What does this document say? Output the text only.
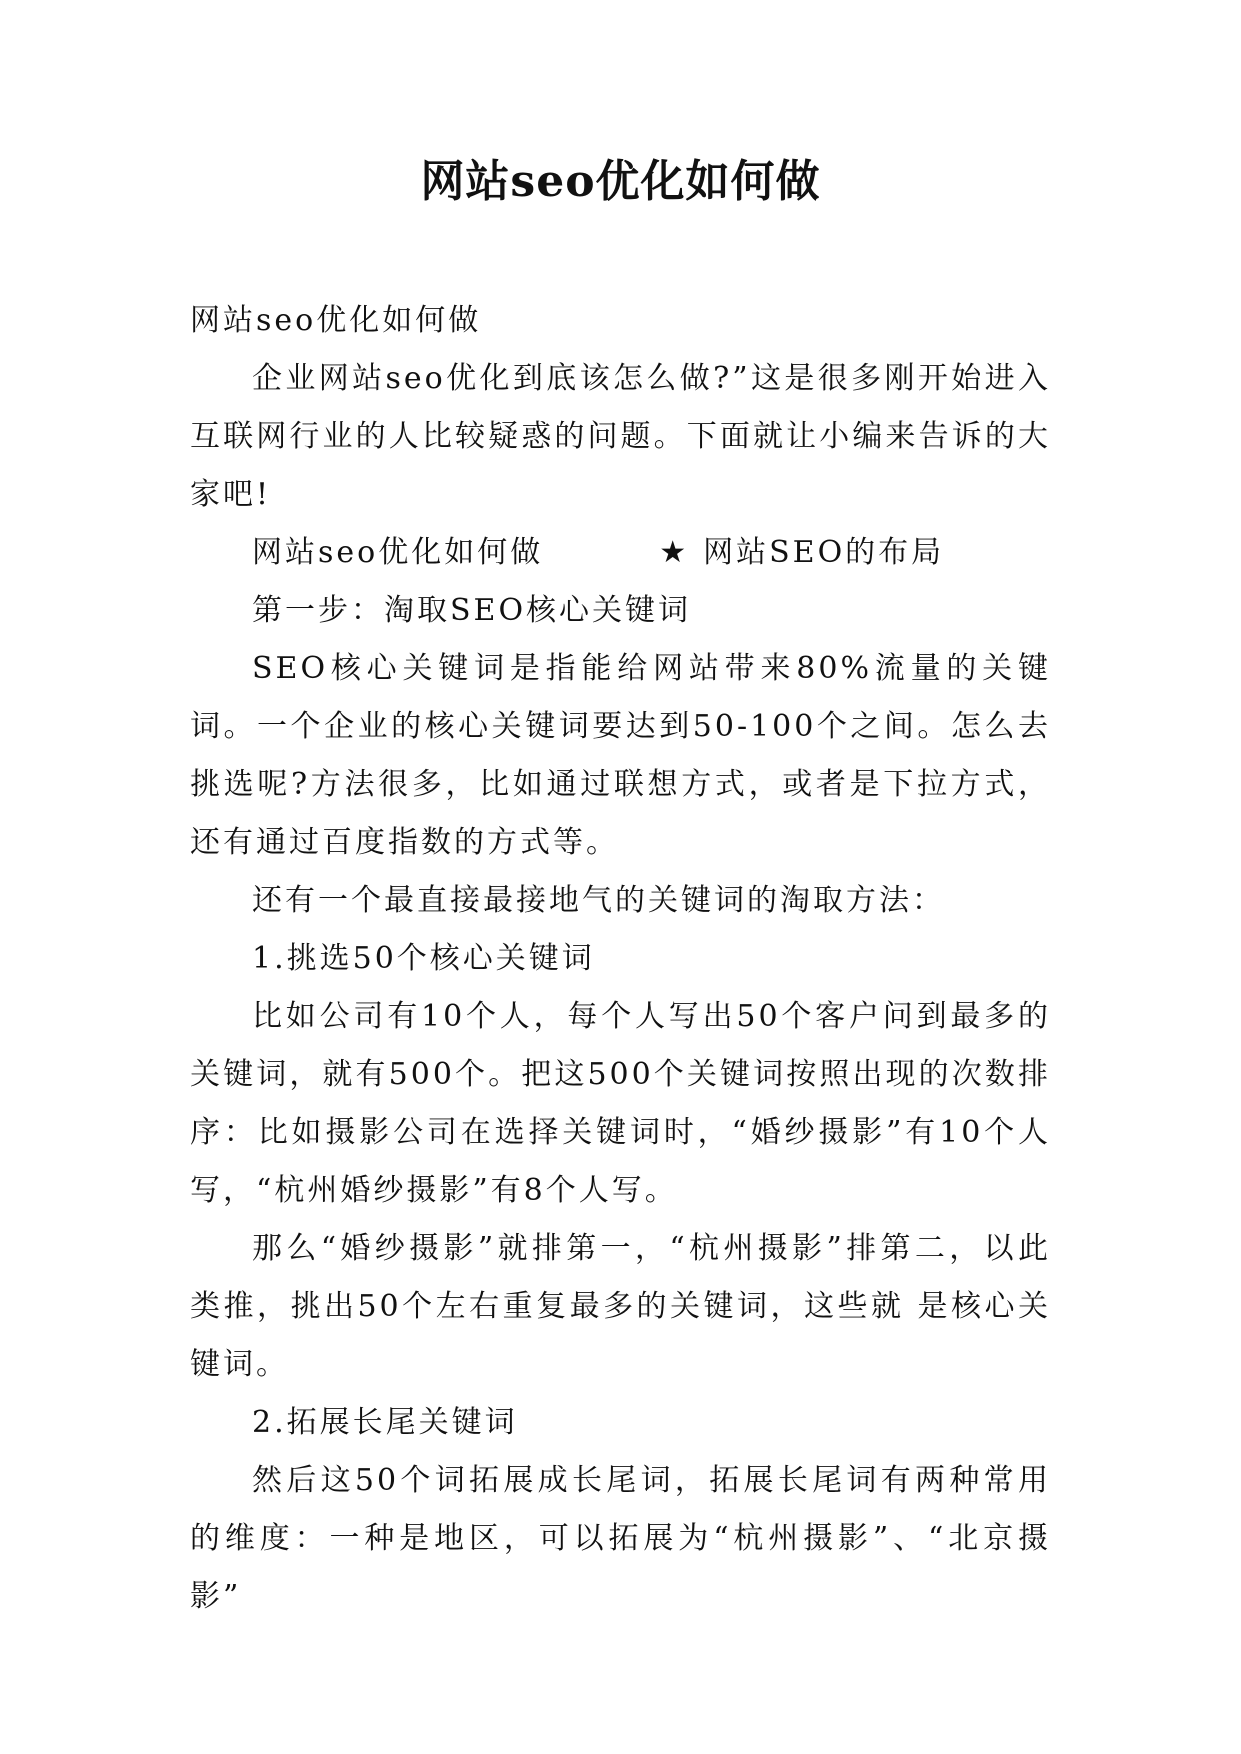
网站seo优化如何做

网站seo优化如何做

企业网站seo优化到底该怎么做?”这是很多刚开始进入互联网行业的人比较疑惑的问题。下面就让小编来告诉的大家吧!

网站seo优化如何做	★ 网站SEO的布局

第一步：淘取SEO核心关键词

SEO核心关键词是指能给网站带来80%流量的关键词。一个企业的核心关键词要达到50-100个之间。怎么去挑选呢?方法很多，比如通过联想方式，或者是下拉方式，还有通过百度指数的方式等。

还有一个最直接最接地气的关键词的淘取方法：

1.挑选50个核心关键词

比如公司有10个人，每个人写出50个客户问到最多的关键词，就有500个。把这500个关键词按照出现的次数排序：比如摄影公司在选择关键词时，“婚纱摄影”有10个人写，“杭州婚纱摄影”有8个人写。

那么“婚纱摄影”就排第一，“杭州摄影”排第二，以此类推，挑出50个左右重复最多的关键词，这些就 是核心关键词。

2.拓展长尾关键词

然后这50个词拓展成长尾词，拓展长尾词有两种常用的维度：一种是地区，可以拓展为“杭州摄影”、“北京摄影”
